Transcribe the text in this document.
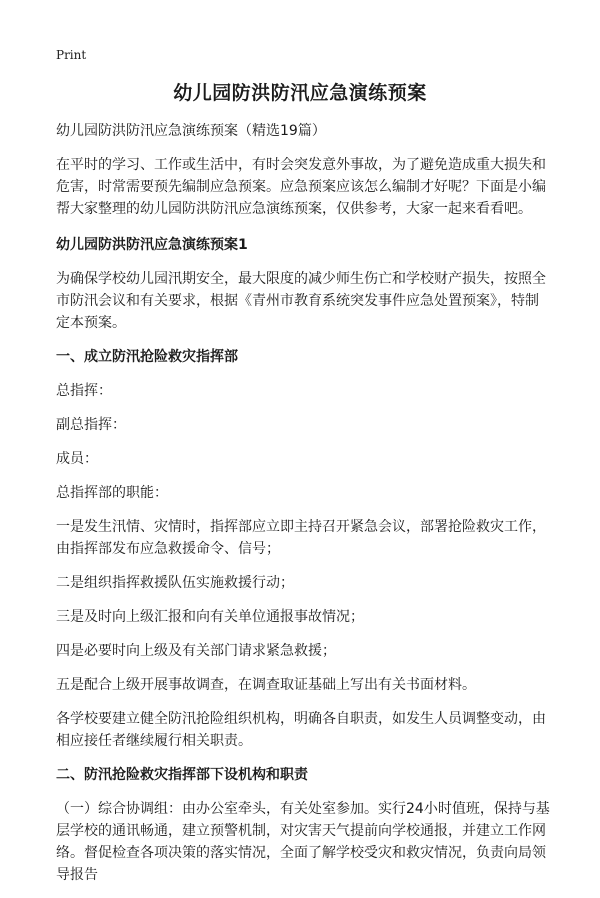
Print
幼儿园防洪防汛应急演练预案

幼儿园防洪防汛应急演练预案（精选19篇）

在平时的学习、工作或生活中，有时会突发意外事故，为了避免造成重大损失和危害，时常需要预先编制应急预案。应急预案应该怎么编制才好呢？下面是小编帮大家整理的幼儿园防洪防汛应急演练预案，仅供参考，大家一起来看看吧。

幼儿园防洪防汛应急演练预案1

为确保学校幼儿园汛期安全，最大限度的减少师生伤亡和学校财产损失，按照全市防汛会议和有关要求，根据《青州市教育系统突发事件应急处置预案》，特制定本预案。

一、成立防汛抢险救灾指挥部

总指挥：

副总指挥：

成员：

总指挥部的职能：

一是发生汛情、灾情时，指挥部应立即主持召开紧急会议，部署抢险救灾工作，由指挥部发布应急救援命令、信号；

二是组织指挥救援队伍实施救援行动；

三是及时向上级汇报和向有关单位通报事故情况；

四是必要时向上级及有关部门请求紧急救援；

五是配合上级开展事故调查，在调查取证基础上写出有关书面材料。

各学校要建立健全防汛抢险组织机构，明确各自职责，如发生人员调整变动，由相应接任者继续履行相关职责。

二、防汛抢险救灾指挥部下设机构和职责

（一）综合协调组：由办公室牵头，有关处室参加。实行24小时值班，保持与基层学校的通讯畅通，建立预警机制，对灾害天气提前向学校通报，并建立工作网络。督促检查各项决策的落实情况，全面了解学校受灾和救灾情况，负责向局领导报告
